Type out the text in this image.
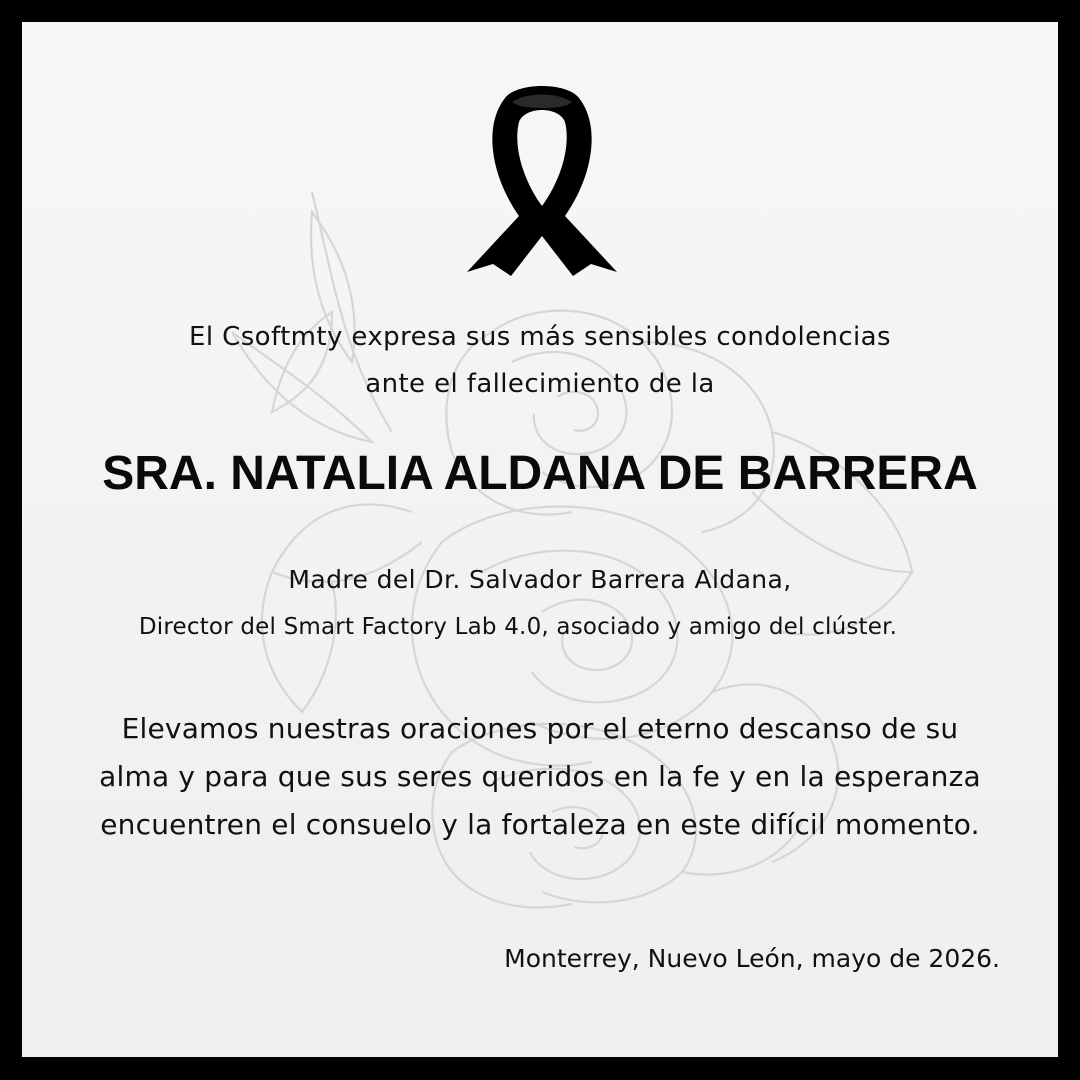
El Csoftmty expresa sus más sensibles condolencias
ante el fallecimiento de la
SRA. NATALIA ALDANA DE BARRERA
Madre del Dr. Salvador Barrera Aldana,
Director del Smart Factory Lab 4.0, asociado y amigo del clúster.
Elevamos nuestras oraciones por el eterno descanso de su
alma y para que sus seres queridos en la fe y en la esperanza
encuentren el consuelo y la fortaleza en este difícil momento.
Monterrey, Nuevo León, mayo de 2026.
